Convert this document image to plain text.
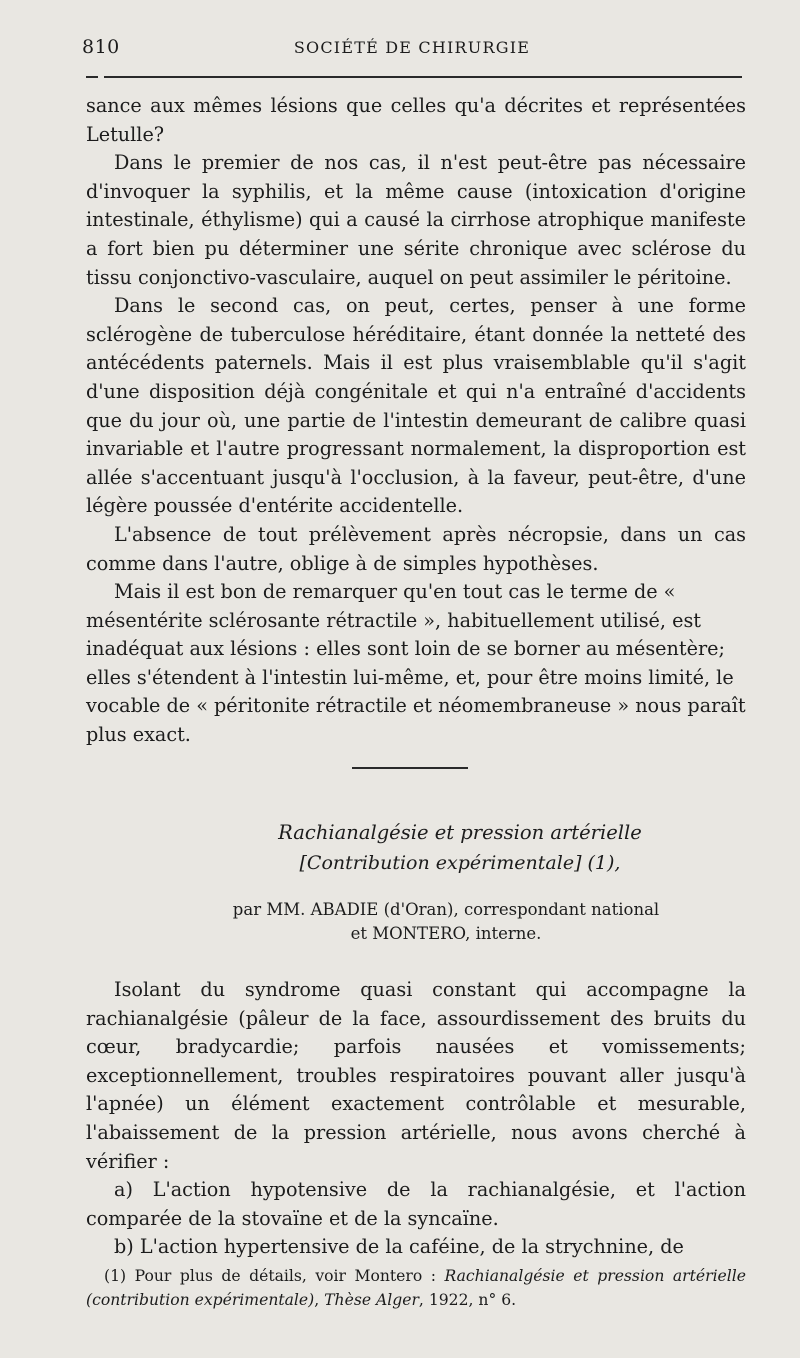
810	SOCIÉTÉ DE CHIRURGIE

sance aux mêmes lésions que celles qu'a décrites et représentées Letulle?

Dans le premier de nos cas, il n'est peut-être pas nécessaire d'invoquer la syphilis, et la même cause (intoxication d'origine intestinale, éthylisme) qui a causé la cirrhose atrophique manifeste a fort bien pu déterminer une sérite chronique avec sclérose du tissu conjonctivo-vasculaire, auquel on peut assimiler le péritoine.

Dans le second cas, on peut, certes, penser à une forme sclérogène de tuberculose héréditaire, étant donnée la netteté des antécédents paternels. Mais il est plus vraisemblable qu'il s'agit d'une disposition déjà congénitale et qui n'a entraîné d'accidents que du jour où, une partie de l'intestin demeurant de calibre quasi invariable et l'autre progressant normalement, la disproportion est allée s'accentuant jusqu'à l'occlusion, à la faveur, peut-être, d'une légère poussée d'entérite accidentelle.

L'absence de tout prélèvement après nécropsie, dans un cas comme dans l'autre, oblige à de simples hypothèses.

Mais il est bon de remarquer qu'en tout cas le terme de « mésentérite sclérosante rétractile », habituellement utilisé, est inadéquat aux lésions : elles sont loin de se borner au mésentère; elles s'étendent à l'intestin lui-même, et, pour être moins limité, le vocable de « péritonite rétractile et néomembraneuse » nous paraît plus exact.

Rachianalgésie et pression artérielle

[Contribution expérimentale] (1),

par MM. ABADIE (d'Oran), correspondant national
et MONTERO, interne.

Isolant du syndrome quasi constant qui accompagne la rachianalgésie (pâleur de la face, assourdissement des bruits du cœur, bradycardie; parfois nausées et vomissements; exceptionnellement, troubles respiratoires pouvant aller jusqu'à l'apnée) un élément exactement contrôlable et mesurable, l'abaissement de la pression artérielle, nous avons cherché à vérifier :

a) L'action hypotensive de la rachianalgésie, et l'action comparée de la stovaïne et de la syncaïne.

b) L'action hypertensive de la caféine, de la strychnine, de

(1) Pour plus de détails, voir Montero : Rachianalgésie et pression artérielle (contribution expérimentale), Thèse Alger, 1922, n° 6.
